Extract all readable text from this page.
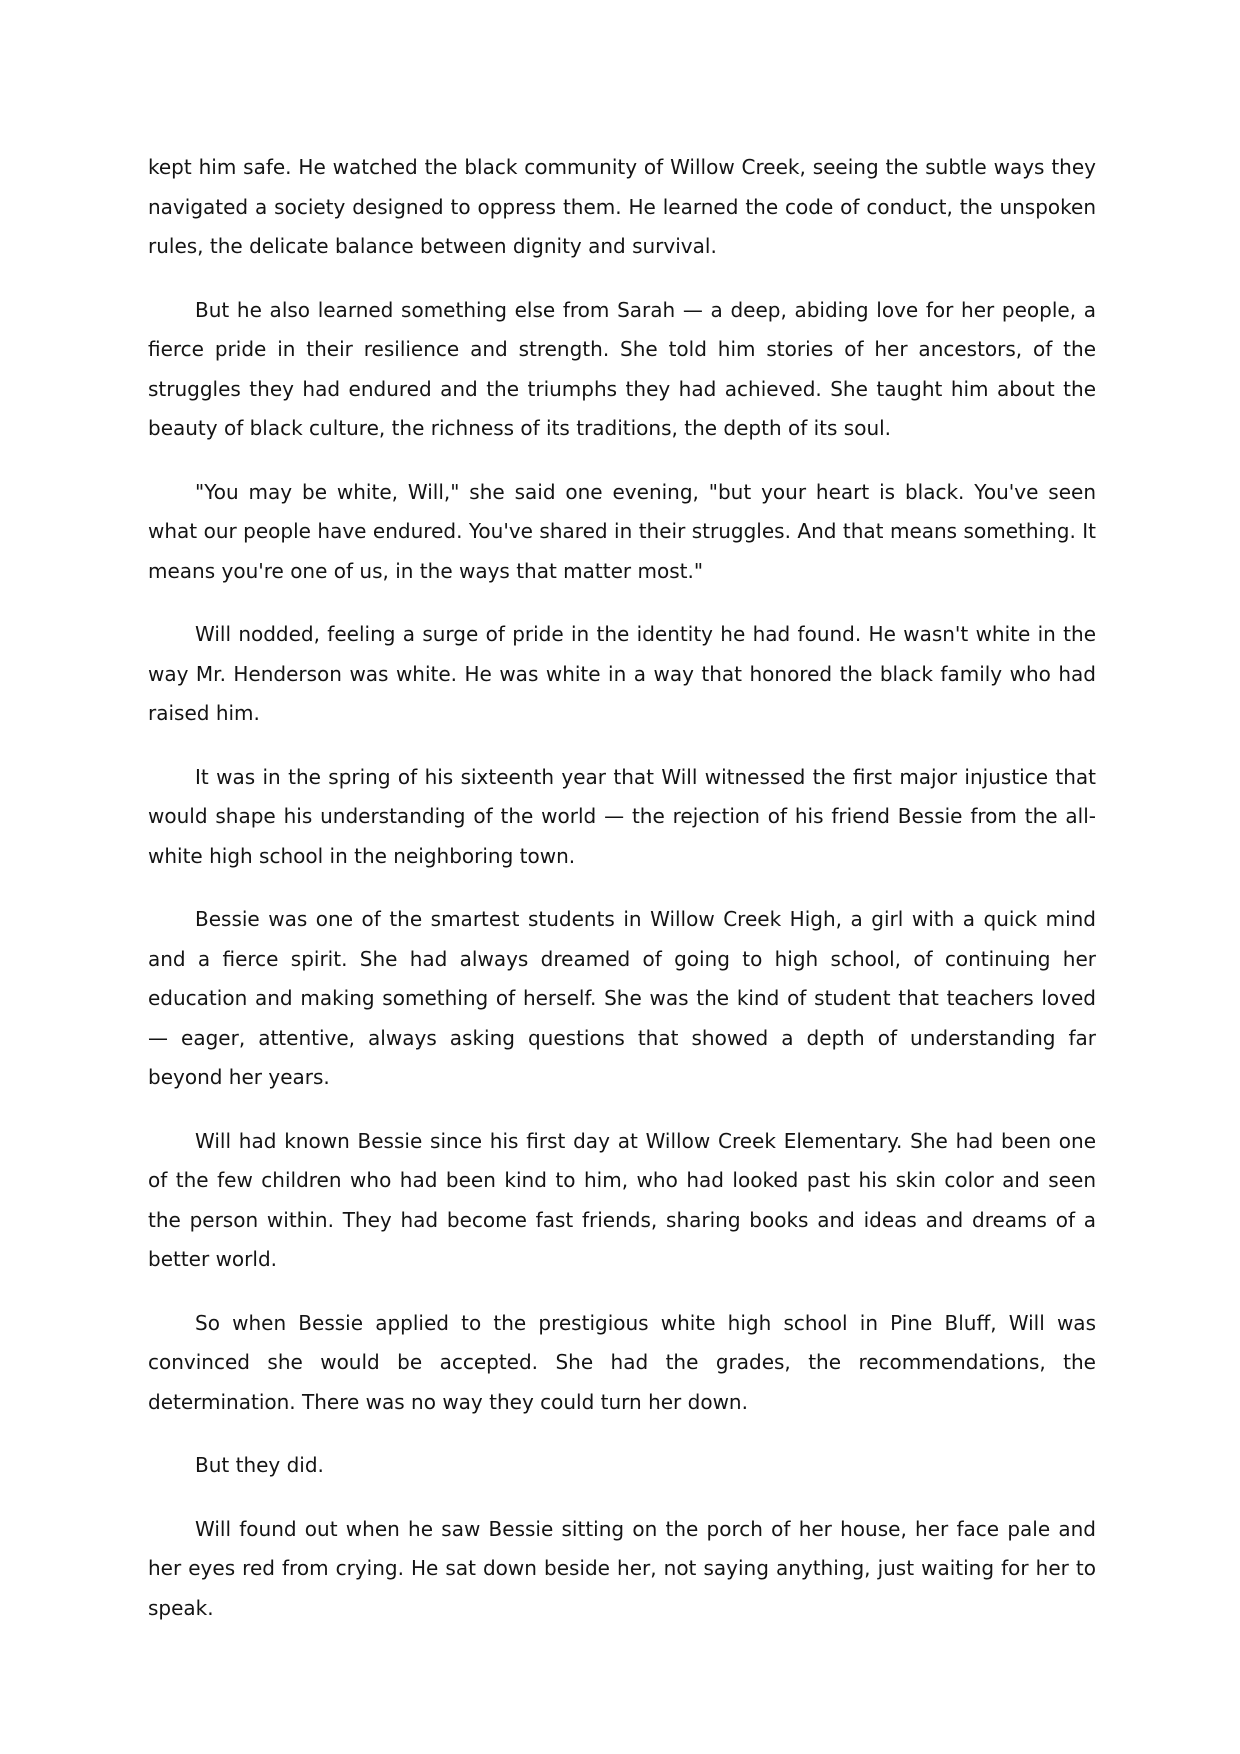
kept him safe. He watched the black community of Willow Creek, seeing the subtle ways they navigated a society designed to oppress them. He learned the code of conduct, the unspoken rules, the delicate balance between dignity and survival.

But he also learned something else from Sarah — a deep, abiding love for her people, a fierce pride in their resilience and strength. She told him stories of her ancestors, of the struggles they had endured and the triumphs they had achieved. She taught him about the beauty of black culture, the richness of its traditions, the depth of its soul.

"You may be white, Will," she said one evening, "but your heart is black. You've seen what our people have endured. You've shared in their struggles. And that means something. It means you're one of us, in the ways that matter most."

Will nodded, feeling a surge of pride in the identity he had found. He wasn't white in the way Mr. Henderson was white. He was white in a way that honored the black family who had raised him.

It was in the spring of his sixteenth year that Will witnessed the first major injustice that would shape his understanding of the world — the rejection of his friend Bessie from the all-white high school in the neighboring town.

Bessie was one of the smartest students in Willow Creek High, a girl with a quick mind and a fierce spirit. She had always dreamed of going to high school, of continuing her education and making something of herself. She was the kind of student that teachers loved — eager, attentive, always asking questions that showed a depth of understanding far beyond her years.

Will had known Bessie since his first day at Willow Creek Elementary. She had been one of the few children who had been kind to him, who had looked past his skin color and seen the person within. They had become fast friends, sharing books and ideas and dreams of a better world.

So when Bessie applied to the prestigious white high school in Pine Bluff, Will was convinced she would be accepted. She had the grades, the recommendations, the determination. There was no way they could turn her down.

But they did.

Will found out when he saw Bessie sitting on the porch of her house, her face pale and her eyes red from crying. He sat down beside her, not saying anything, just waiting for her to speak.
